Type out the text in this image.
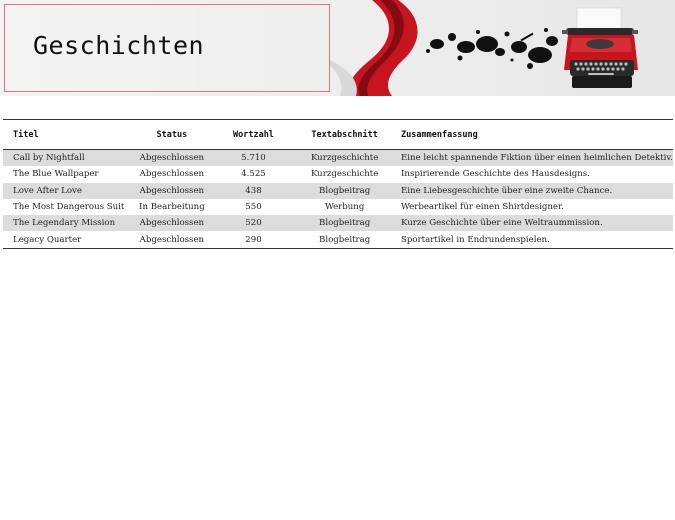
Geschichten
Titel	Status	Wortzahl	Textabschnitt	Zusammenfassung
Call by Nightfall	Abgeschlossen	5.710	Kurzgeschichte	Eine leicht spannende Fiktion über einen heimlichen Detektiv.
The Blue Wallpaper	Abgeschlossen	4.525	Kurzgeschichte	Inspirierende Geschichte des Hausdesigns.
Love After Love	Abgeschlossen	438	Blogbeitrag	Eine Liebesgeschichte über eine zweite Chance.
The Most Dangerous Suit	In Bearbeitung	550	Werbung	Werbeartikel für einen Shirtdesigner.
The Legendary Mission	Abgeschlossen	520	Blogbeitrag	Kurze Geschichte über eine Weltraummission.
Legacy Quarter	Abgeschlossen	290	Blogbeitrag	Sportartikel in Endrundenspielen.
